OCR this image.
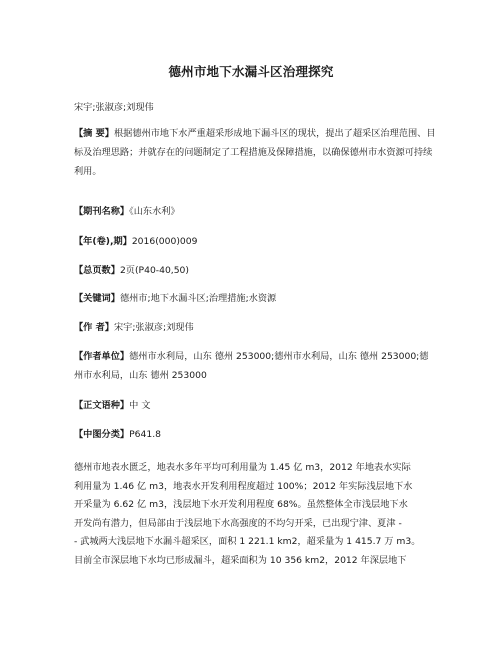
德州市地下水漏斗区治理探究
宋宇;张淑彦;刘现伟
【摘 要】根据德州市地下水严重超采形成地下漏斗区的现状，提出了超采区治理范围、目标及治理思路；并就存在的问题制定了工程措施及保障措施，以确保德州市水资源可持续利用。
【期刊名称】《山东水利》
【年(卷),期】2016(000)009
【总页数】2页(P40-40,50)
【关键词】德州市;地下水漏斗区;治理措施;水资源
【作 者】宋宇;张淑彦;刘现伟
【作者单位】德州市水利局，山东 德州 253000;德州市水利局，山东 德州 253000;德州市水利局，山东 德州 253000
【正文语种】中 文
【中图分类】P641.8

德州市地表水匮乏，地表水多年平均可利用量为 1.45 亿 m3，2012 年地表水实际

利用量为 1.46 亿 m3，地表水开发利用程度超过 100%；2012 年实际浅层地下水

开采量为 6.62 亿 m3，浅层地下水开发利用程度 68%。虽然整体全市浅层地下水

开发尚有潜力，但局部由于浅层地下水高强度的不均匀开采，已出现宁津、夏津 -

- 武城两大浅层地下水漏斗超采区，面积 1 221.1 km2，超采量为 1 415.7 万 m3。

目前全市深层地下水均已形成漏斗，超采面积为 10 356 km2，2012 年深层地下
